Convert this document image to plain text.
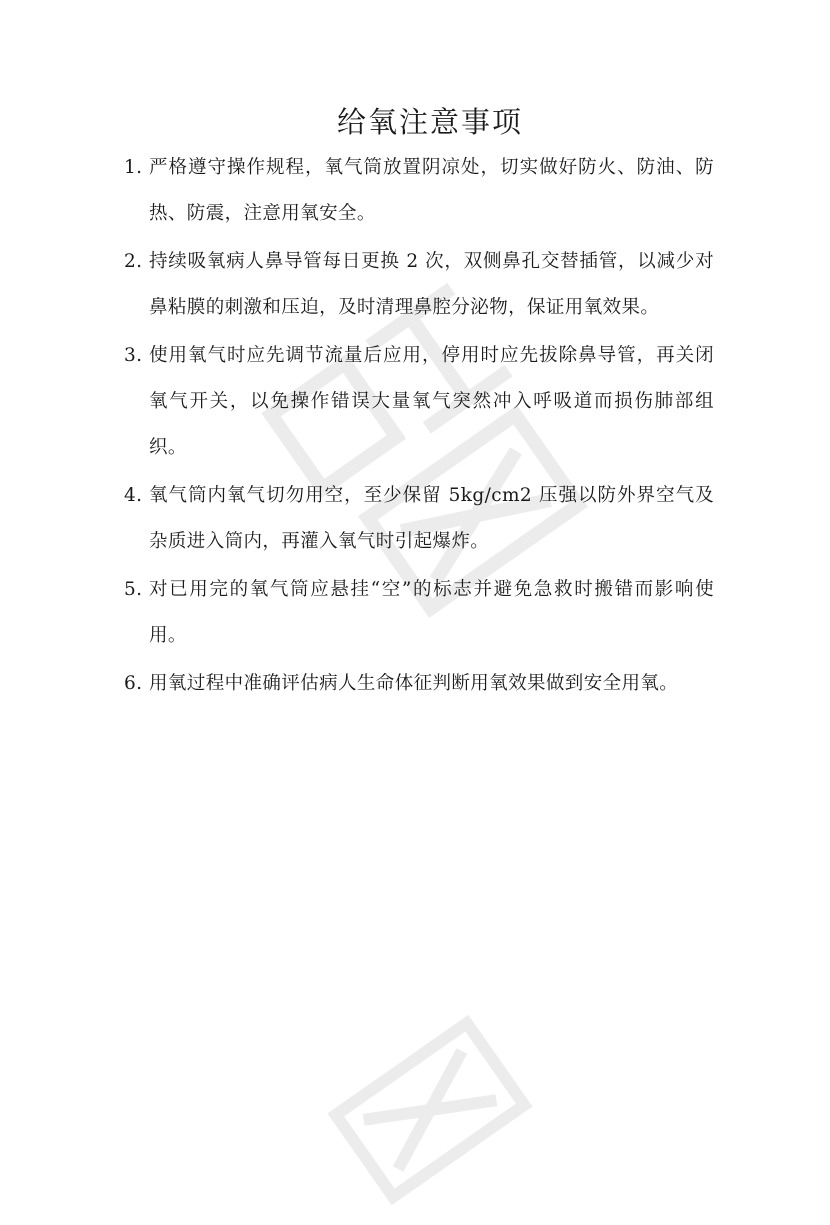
给氧注意事项
1. 严格遵守操作规程，氧气筒放置阴凉处，切实做好防火、防油、防热、防震，注意用氧安全。
2. 持续吸氧病人鼻导管每日更换 2 次，双侧鼻孔交替插管，以减少对鼻粘膜的刺激和压迫，及时清理鼻腔分泌物，保证用氧效果。
3. 使用氧气时应先调节流量后应用，停用时应先拔除鼻导管，再关闭氧气开关，以免操作错误大量氧气突然冲入呼吸道而损伤肺部组织。
4. 氧气筒内氧气切勿用空，至少保留 5kg/cm2 压强以防外界空气及杂质进入筒内，再灌入氧气时引起爆炸。
5. 对已用完的氧气筒应悬挂“空”的标志并避免急救时搬错而影响使用。
6. 用氧过程中准确评估病人生命体征判断用氧效果做到安全用氧。
